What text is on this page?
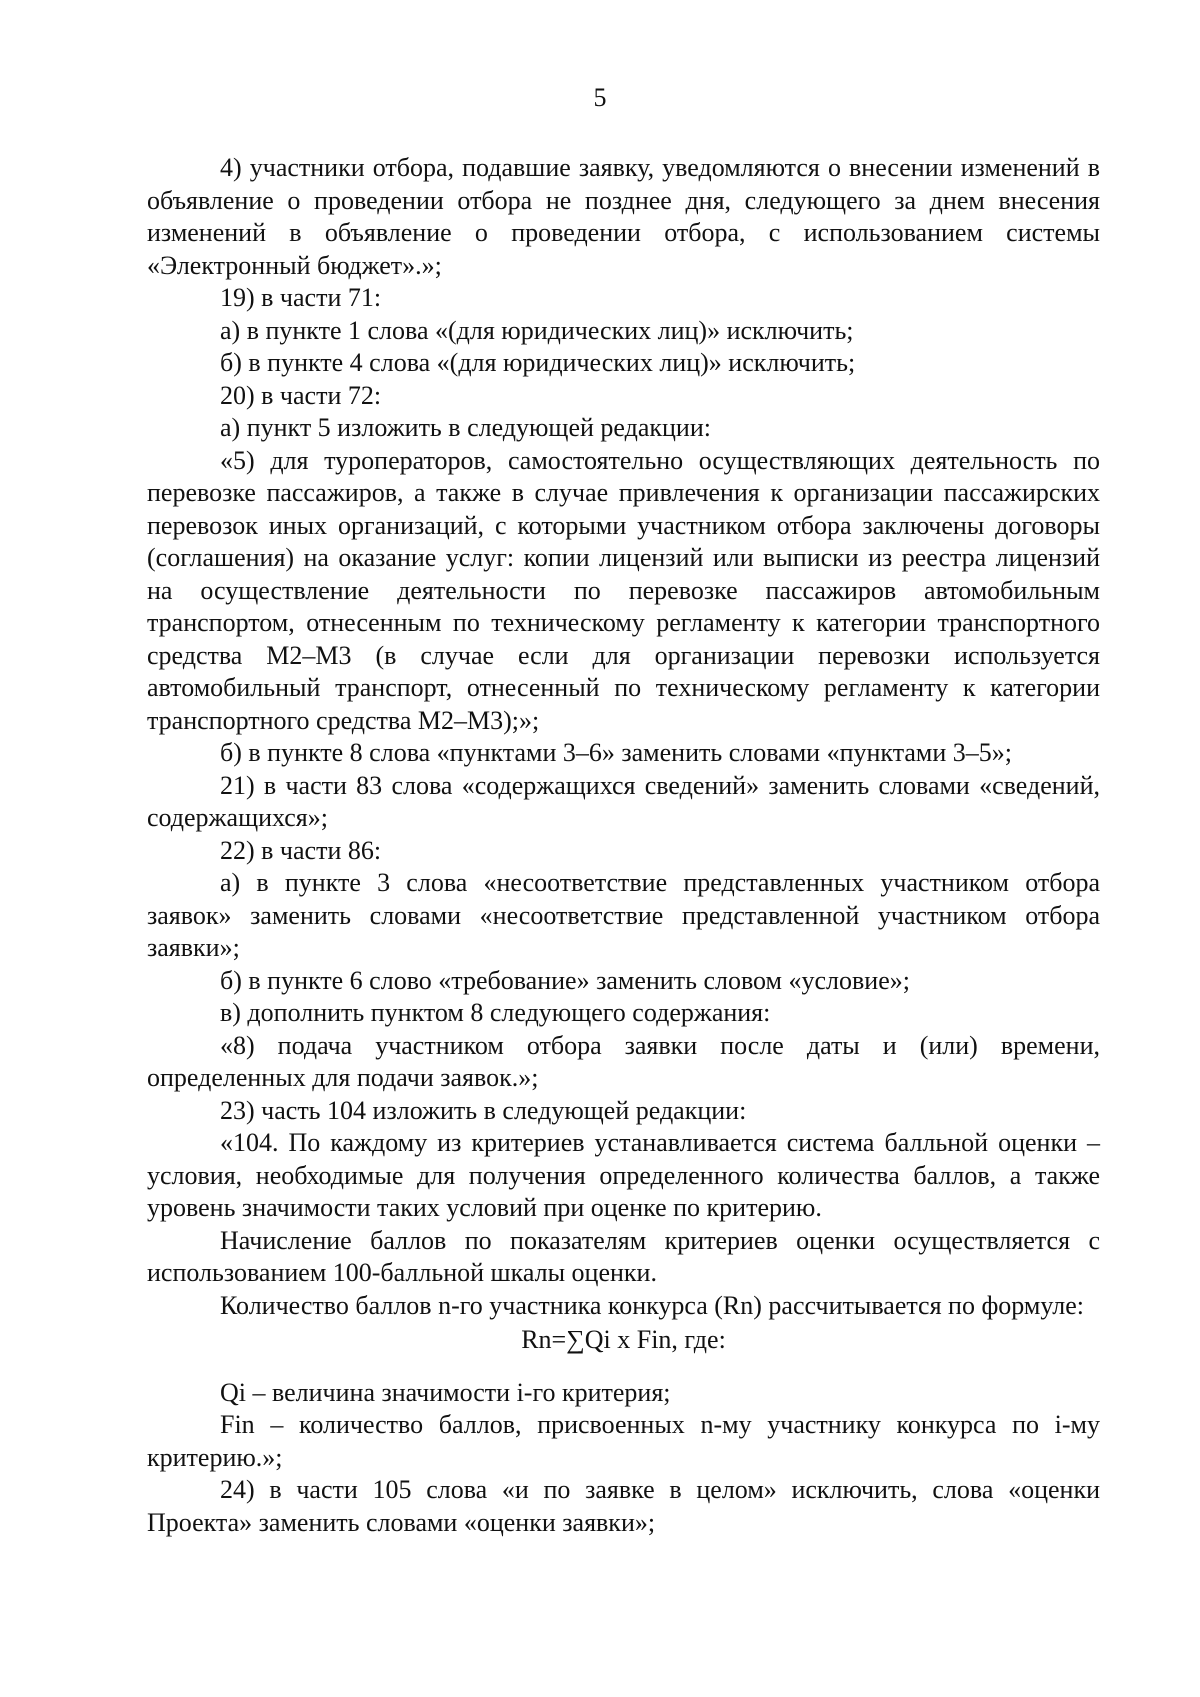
5

4) участники отбора, подавшие заявку, уведомляются о внесении изменений в объявление о проведении отбора не позднее дня, следующего за днем внесения изменений в объявление о проведении отбора, с использованием системы «Электронный бюджет».»;

19) в части 71:

а) в пункте 1 слова «(для юридических лиц)» исключить;

б) в пункте 4 слова «(для юридических лиц)» исключить;

20) в части 72:

а) пункт 5 изложить в следующей редакции:

«5) для туроператоров, самостоятельно осуществляющих деятельность по перевозке пассажиров, а также в случае привлечения к организации пассажирских перевозок иных организаций, с которыми участником отбора заключены договоры (соглашения) на оказание услуг: копии лицензий или выписки из реестра лицензий на осуществление деятельности по перевозке пассажиров автомобильным транспортом, отнесенным по техническому регламенту к категории транспортного средства М2–М3 (в случае если для организации перевозки используется автомобильный транспорт, отнесенный по техническому регламенту к категории транспортного средства М2–М3);»;

б) в пункте 8 слова «пунктами 3–6» заменить словами «пунктами 3–5»;

21) в части 83 слова «содержащихся сведений» заменить словами «сведений, содержащихся»;

22) в части 86:

а) в пункте 3 слова «несоответствие представленных участником отбора заявок» заменить словами «несоответствие представленной участником отбора заявки»;

б) в пункте 6 слово «требование» заменить словом «условие»;

в) дополнить пунктом 8 следующего содержания:

«8) подача участником отбора заявки после даты и (или) времени, определенных для подачи заявок.»;

23) часть 104 изложить в следующей редакции:

«104. По каждому из критериев устанавливается система балльной оценки – условия, необходимые для получения определенного количества баллов, а также уровень значимости таких условий при оценке по критерию.

Начисление баллов по показателям критериев оценки осуществляется с использованием 100-балльной шкалы оценки.

Количество баллов n-го участника конкурса (Rn) рассчитывается по формуле:

Rn=∑Qi x Fin, где:

Qi – величина значимости i-го критерия;

Fin – количество баллов, присвоенных n-му участнику конкурса по i-му критерию.»;

24) в части 105 слова «и по заявке в целом» исключить, слова «оценки Проекта» заменить словами «оценки заявки»;
